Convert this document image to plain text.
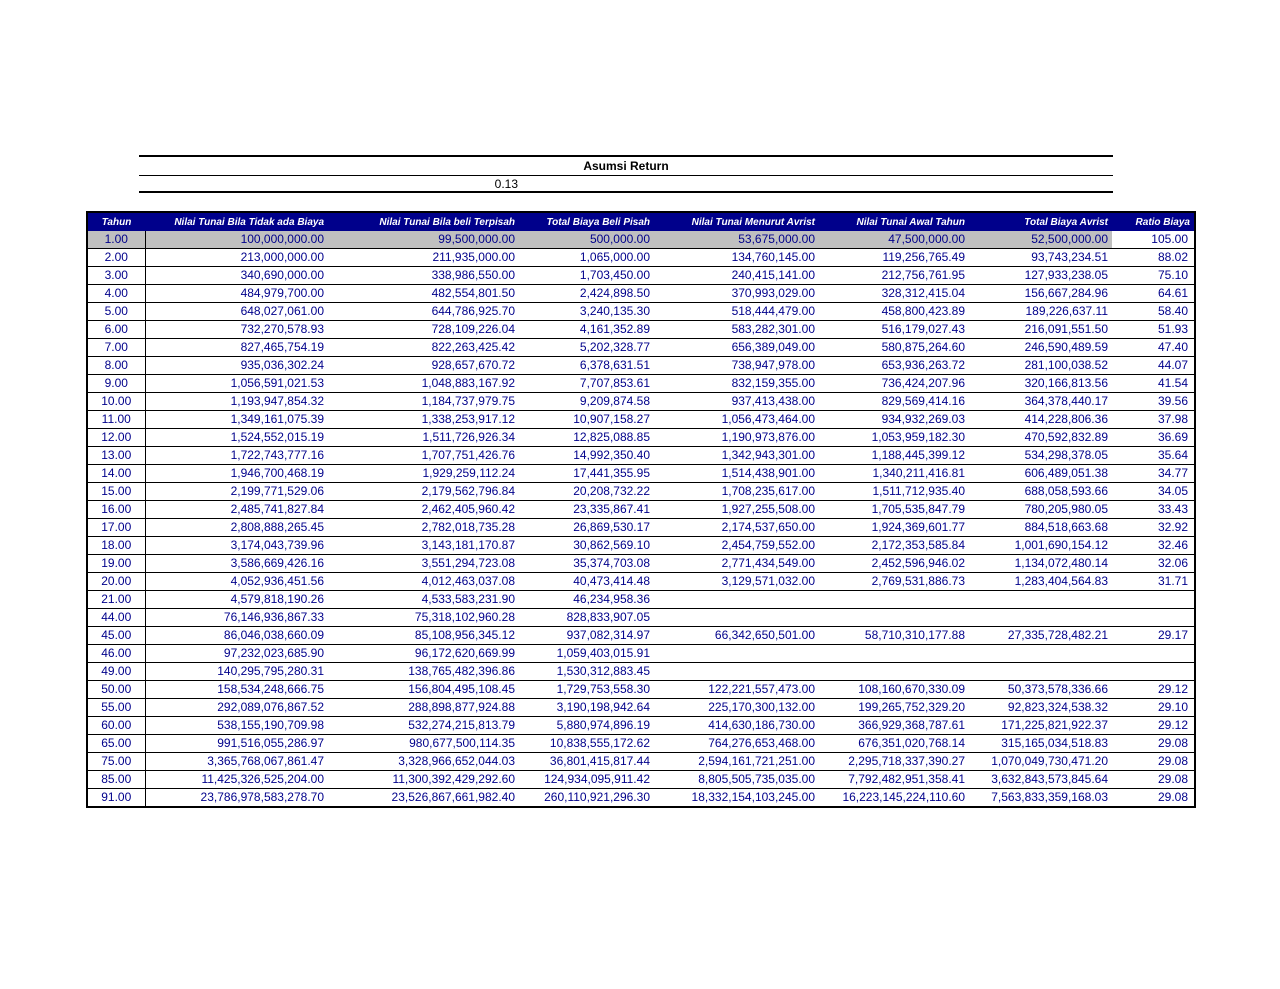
Asumsi Return
0.13
Tahun	Nilai Tunai Bila Tidak ada Biaya	Nilai Tunai Bila beli Terpisah	Total Biaya Beli Pisah	Nilai Tunai Menurut Avrist	Nilai Tunai Awal Tahun	Total Biaya Avrist	Ratio Biaya
1.00	100,000,000.00	99,500,000.00	500,000.00	53,675,000.00	47,500,000.00	52,500,000.00	105.00
2.00	213,000,000.00	211,935,000.00	1,065,000.00	134,760,145.00	119,256,765.49	93,743,234.51	88.02
3.00	340,690,000.00	338,986,550.00	1,703,450.00	240,415,141.00	212,756,761.95	127,933,238.05	75.10
4.00	484,979,700.00	482,554,801.50	2,424,898.50	370,993,029.00	328,312,415.04	156,667,284.96	64.61
5.00	648,027,061.00	644,786,925.70	3,240,135.30	518,444,479.00	458,800,423.89	189,226,637.11	58.40
6.00	732,270,578.93	728,109,226.04	4,161,352.89	583,282,301.00	516,179,027.43	216,091,551.50	51.93
7.00	827,465,754.19	822,263,425.42	5,202,328.77	656,389,049.00	580,875,264.60	246,590,489.59	47.40
8.00	935,036,302.24	928,657,670.72	6,378,631.51	738,947,978.00	653,936,263.72	281,100,038.52	44.07
9.00	1,056,591,021.53	1,048,883,167.92	7,707,853.61	832,159,355.00	736,424,207.96	320,166,813.56	41.54
10.00	1,193,947,854.32	1,184,737,979.75	9,209,874.58	937,413,438.00	829,569,414.16	364,378,440.17	39.56
11.00	1,349,161,075.39	1,338,253,917.12	10,907,158.27	1,056,473,464.00	934,932,269.03	414,228,806.36	37.98
12.00	1,524,552,015.19	1,511,726,926.34	12,825,088.85	1,190,973,876.00	1,053,959,182.30	470,592,832.89	36.69
13.00	1,722,743,777.16	1,707,751,426.76	14,992,350.40	1,342,943,301.00	1,188,445,399.12	534,298,378.05	35.64
14.00	1,946,700,468.19	1,929,259,112.24	17,441,355.95	1,514,438,901.00	1,340,211,416.81	606,489,051.38	34.77
15.00	2,199,771,529.06	2,179,562,796.84	20,208,732.22	1,708,235,617.00	1,511,712,935.40	688,058,593.66	34.05
16.00	2,485,741,827.84	2,462,405,960.42	23,335,867.41	1,927,255,508.00	1,705,535,847.79	780,205,980.05	33.43
17.00	2,808,888,265.45	2,782,018,735.28	26,869,530.17	2,174,537,650.00	1,924,369,601.77	884,518,663.68	32.92
18.00	3,174,043,739.96	3,143,181,170.87	30,862,569.10	2,454,759,552.00	2,172,353,585.84	1,001,690,154.12	32.46
19.00	3,586,669,426.16	3,551,294,723.08	35,374,703.08	2,771,434,549.00	2,452,596,946.02	1,134,072,480.14	32.06
20.00	4,052,936,451.56	4,012,463,037.08	40,473,414.48	3,129,571,032.00	2,769,531,886.73	1,283,404,564.83	31.71
21.00	4,579,818,190.26	4,533,583,231.90	46,234,958.36				
44.00	76,146,936,867.33	75,318,102,960.28	828,833,907.05				
45.00	86,046,038,660.09	85,108,956,345.12	937,082,314.97	66,342,650,501.00	58,710,310,177.88	27,335,728,482.21	29.17
46.00	97,232,023,685.90	96,172,620,669.99	1,059,403,015.91				
49.00	140,295,795,280.31	138,765,482,396.86	1,530,312,883.45				
50.00	158,534,248,666.75	156,804,495,108.45	1,729,753,558.30	122,221,557,473.00	108,160,670,330.09	50,373,578,336.66	29.12
55.00	292,089,076,867.52	288,898,877,924.88	3,190,198,942.64	225,170,300,132.00	199,265,752,329.20	92,823,324,538.32	29.10
60.00	538,155,190,709.98	532,274,215,813.79	5,880,974,896.19	414,630,186,730.00	366,929,368,787.61	171,225,821,922.37	29.12
65.00	991,516,055,286.97	980,677,500,114.35	10,838,555,172.62	764,276,653,468.00	676,351,020,768.14	315,165,034,518.83	29.08
75.00	3,365,768,067,861.47	3,328,966,652,044.03	36,801,415,817.44	2,594,161,721,251.00	2,295,718,337,390.27	1,070,049,730,471.20	29.08
85.00	11,425,326,525,204.00	11,300,392,429,292.60	124,934,095,911.42	8,805,505,735,035.00	7,792,482,951,358.41	3,632,843,573,845.64	29.08
91.00	23,786,978,583,278.70	23,526,867,661,982.40	260,110,921,296.30	18,332,154,103,245.00	16,223,145,224,110.60	7,563,833,359,168.03	29.08
